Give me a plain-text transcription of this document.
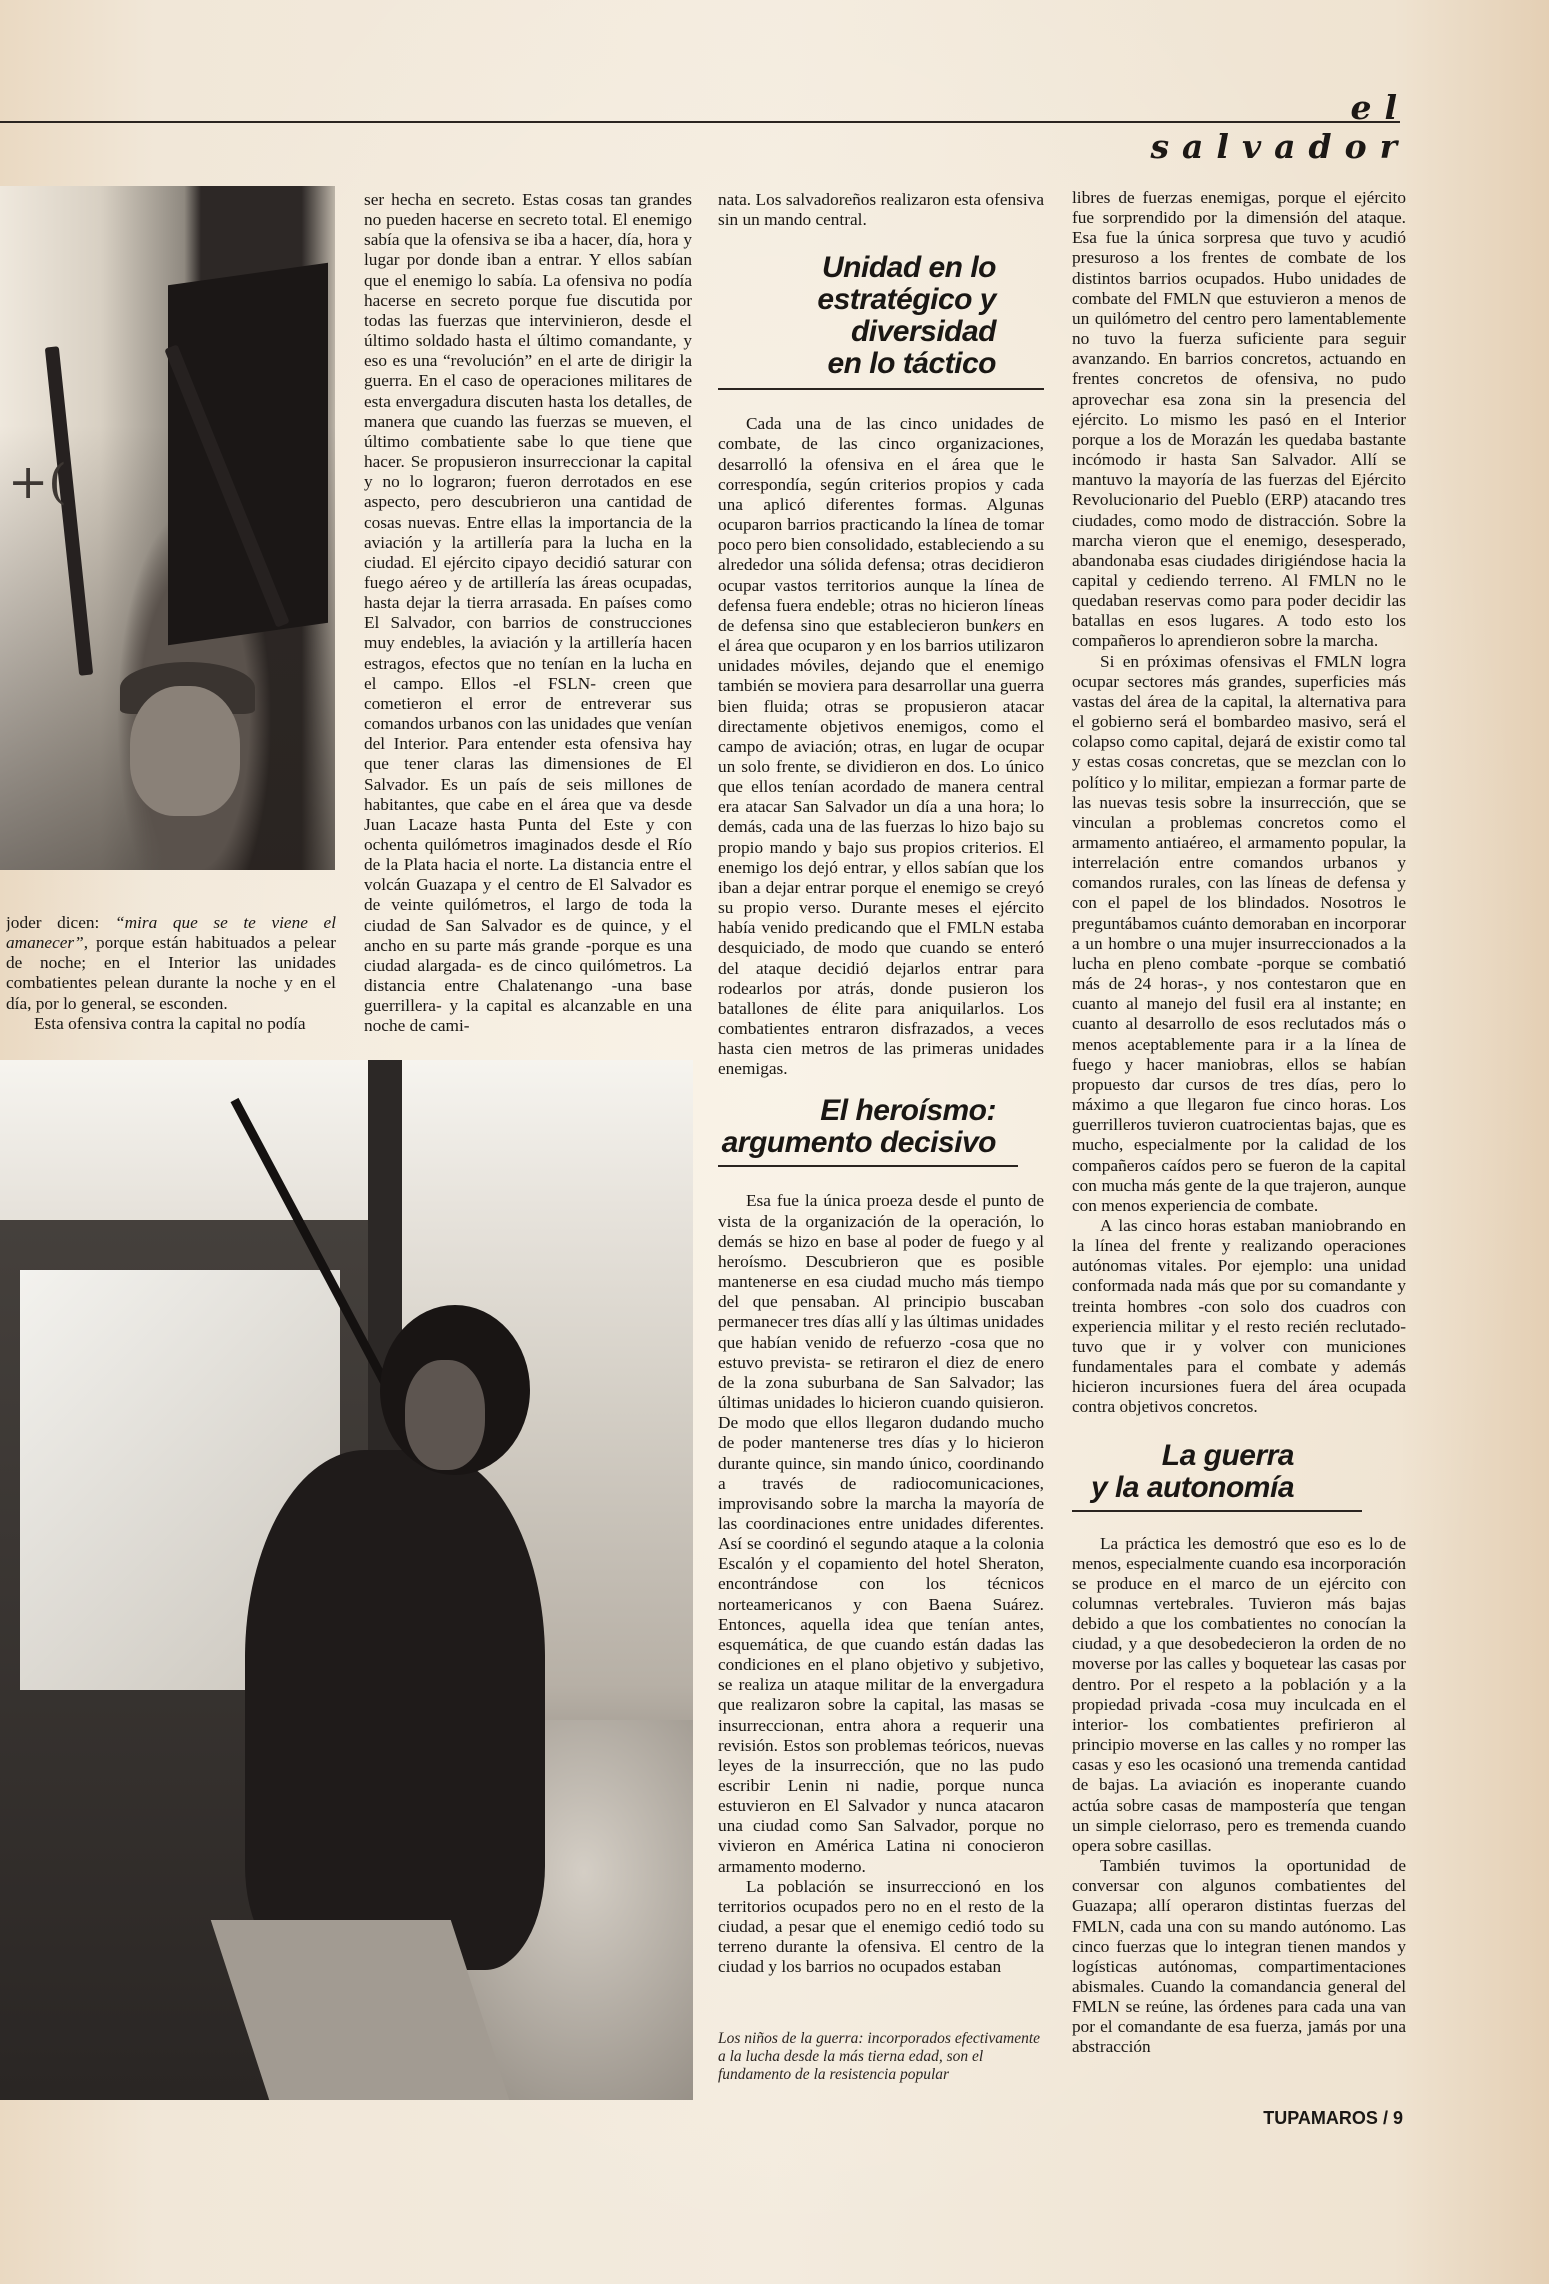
el salvador
+(

ser hecha en secreto. Estas cosas tan grandes no pueden hacerse en secreto total. El enemigo sabía que la ofensiva se iba a hacer, día, hora y lugar por donde iban a entrar. Y ellos sabían que el enemigo lo sabía. La ofensiva no podía hacerse en secreto porque fue discutida por todas las fuerzas que intervinieron, desde el último soldado hasta el último comandante, y eso es una “revolución” en el arte de dirigir la guerra. En el caso de operaciones militares de esta envergadura discuten hasta los detalles, de manera que cuando las fuerzas se mueven, el último combatiente sabe lo que tiene que hacer. Se propusieron insurreccionar la capital y no lo lograron; fueron derrotados en ese aspecto, pero descubrieron una cantidad de cosas nuevas. Entre ellas la importancia de la aviación y la artillería para la lucha en la ciudad. El ejército cipayo decidió saturar con fuego aéreo y de artillería las áreas ocupadas, hasta dejar la tierra arrasada. En países como El Salvador, con barrios de construcciones muy endebles, la aviación y la artillería hacen estragos, efectos que no tenían en la lucha en el campo. Ellos -el FSLN- creen que cometieron el error de entreverar sus comandos urbanos con las unidades que venían del Interior. Para entender esta ofensiva hay que tener claras las dimensiones de El Salvador. Es un país de seis millones de habitantes, que cabe en el área que va desde Juan Lacaze hasta Punta del Este y con ochenta quilómetros imaginados desde el Río de la Plata hacia el norte. La distancia entre el volcán Guazapa y el centro de El Salvador es de veinte quilómetros, el largo de toda la ciudad de San Salvador es de quince, y el ancho en su parte más grande -porque es una ciudad alargada- es de cinco quilómetros. La distancia entre Chalatenango -una base guerrillera- y la capital es alcanzable en una noche de cami-

joder dicen: “mira que se te viene el amanecer”, porque están habituados a pelear de noche; en el Interior las unidades combatientes pelean durante la noche y en el día, por lo general, se esconden.

Esta ofensiva contra la capital no podía

nata. Los salvadoreños realizaron esta ofensiva sin un mando central.

Unidad en lo
estratégico y
diversidad
en lo táctico

Cada una de las cinco unidades de combate, de las cinco organizaciones, desarrolló la ofensiva en el área que le correspondía, según criterios propios y cada una aplicó diferentes formas. Algunas ocuparon barrios practicando la línea de tomar poco pero bien consolidado, estableciendo a su alrededor una sólida defensa; otras decidieron ocupar vastos territorios aunque la línea de defensa fuera endeble; otras no hicieron líneas de defensa sino que establecieron bunkers en el área que ocuparon y en los barrios utilizaron unidades móviles, dejando que el enemigo también se moviera para desarrollar una guerra bien fluida; otras se propusieron atacar directamente objetivos enemigos, como el campo de aviación; otras, en lugar de ocupar un solo frente, se dividieron en dos. Lo único que ellos tenían acordado de manera central era atacar San Salvador un día a una hora; lo demás, cada una de las fuerzas lo hizo bajo su propio mando y bajo sus propios criterios. El enemigo los dejó entrar, y ellos sabían que los iban a dejar entrar porque el enemigo se creyó su propio verso. Durante meses el ejército había venido predicando que el FMLN estaba desquiciado, de modo que cuando se enteró del ataque decidió dejarlos entrar para rodearlos por atrás, donde pusieron los batallones de élite para aniquilarlos. Los combatientes entraron disfrazados, a veces hasta cien metros de las primeras unidades enemigas.

El heroísmo:
argumento decisivo

Esa fue la única proeza desde el punto de vista de la organización de la operación, lo demás se hizo en base al poder de fuego y al heroísmo. Descubrieron que es posible mantenerse en esa ciudad mucho más tiempo del que pensaban. Al principio buscaban permanecer tres días allí y las últimas unidades que habían venido de refuerzo -cosa que no estuvo prevista- se retiraron el diez de enero de la zona suburbana de San Salvador; las últimas unidades lo hicieron cuando quisieron. De modo que ellos llegaron dudando mucho de poder mantenerse tres días y lo hicieron durante quince, sin mando único, coordinando a través de radiocomunicaciones, improvisando sobre la marcha la mayoría de las coordinaciones entre unidades diferentes. Así se coordinó el segundo ataque a la colonia Escalón y el copamiento del hotel Sheraton, encontrándose con los técnicos norteamericanos y con Baena Suárez. Entonces, aquella idea que tenían antes, esquemática, de que cuando están dadas las condiciones en el plano objetivo y subjetivo, se realiza un ataque militar de la envergadura que realizaron sobre la capital, las masas se insurreccionan, entra ahora a requerir una revisión. Estos son problemas teóricos, nuevas leyes de la insurrección, que no las pudo escribir Lenin ni nadie, porque nunca estuvieron en El Salvador y nunca atacaron una ciudad como San Salvador, porque no vivieron en América Latina ni conocieron armamento moderno.

La población se insurreccionó en los territorios ocupados pero no en el resto de la ciudad, a pesar que el enemigo cedió todo su terreno durante la ofensiva. El centro de la ciudad y los barrios no ocupados estaban

Los niños de la guerra: incorporados efectivamente a la lucha desde la más tierna edad, son el fundamento de la resistencia popular

libres de fuerzas enemigas, porque el ejército fue sorprendido por la dimensión del ataque. Esa fue la única sorpresa que tuvo y acudió presuroso a los frentes de combate de los distintos barrios ocupados. Hubo unidades de combate del FMLN que estuvieron a menos de un quilómetro del centro pero lamentablemente no tuvo la fuerza suficiente para seguir avanzando. En barrios concretos, actuando en frentes concretos de ofensiva, no pudo aprovechar esa zona sin la presencia del ejército. Lo mismo les pasó en el Interior porque a los de Morazán les quedaba bastante incómodo ir hasta San Salvador. Allí se mantuvo la mayoría de las fuerzas del Ejército Revolucionario del Pueblo (ERP) atacando tres ciudades, como modo de distracción. Sobre la marcha vieron que el enemigo, desesperado, abandonaba esas ciudades dirigiéndose hacia la capital y cediendo terreno. Al FMLN no le quedaban reservas como para poder decidir las batallas en esos lugares. A todo esto los compañeros lo aprendieron sobre la marcha.

Si en próximas ofensivas el FMLN logra ocupar sectores más grandes, superficies más vastas del área de la capital, la alternativa para el gobierno será el bombardeo masivo, será el colapso como capital, dejará de existir como tal y estas cosas concretas, que se mezclan con lo político y lo militar, empiezan a formar parte de las nuevas tesis sobre la insurrección, que se vinculan a problemas concretos como el armamento antiaéreo, el armamento popular, la interrelación entre comandos urbanos y comandos rurales, con las líneas de defensa y con el papel de los blindados. Nosotros le preguntábamos cuánto demoraban en incorporar a un hombre o una mujer insurreccionados a la lucha en pleno combate -porque se combatió más de 24 horas-, y nos contestaron que en cuanto al manejo del fusil era al instante; en cuanto al desarrollo de esos reclutados más o menos aceptablemente para ir a la línea de fuego y hacer maniobras, ellos se habían propuesto dar cursos de tres días, pero lo máximo a que llegaron fue cinco horas. Los guerrilleros tuvieron cuatrocientas bajas, que es mucho, especialmente por la calidad de los compañeros caídos pero se fueron de la capital con mucha más gente de la que trajeron, aunque con menos experiencia de combate.

A las cinco horas estaban maniobrando en la línea del frente y realizando operaciones autónomas vitales. Por ejemplo: una unidad conformada nada más que por su comandante y treinta hombres -con solo dos cuadros con experiencia militar y el resto recién reclutado- tuvo que ir y volver con municiones fundamentales para el combate y además hicieron incursiones fuera del área ocupada contra objetivos concretos.

La guerra
y la autonomía

La práctica les demostró que eso es lo de menos, especialmente cuando esa incorporación se produce en el marco de un ejército con columnas vertebrales. Tuvieron más bajas debido a que los combatientes no conocían la ciudad, y a que desobedecieron la orden de no moverse por las calles y boquetear las casas por dentro. Por el respeto a la población y a la propiedad privada -cosa muy inculcada en el interior- los combatientes prefirieron al principio moverse en las calles y no romper las casas y eso les ocasionó una tremenda cantidad de bajas. La aviación es inoperante cuando actúa sobre casas de mampostería que tengan un simple cielorraso, pero es tremenda cuando opera sobre casillas.

También tuvimos la oportunidad de conversar con algunos combatientes del Guazapa; allí operaron distintas fuerzas del FMLN, cada una con su mando autónomo. Las cinco fuerzas que lo integran tienen mandos y logísticas autónomas, compartimentaciones abismales. Cuando la comandancia general del FMLN se reúne, las órdenes para cada una van por el comandante de esa fuerza, jamás por una abstracción

TUPAMAROS / 9
